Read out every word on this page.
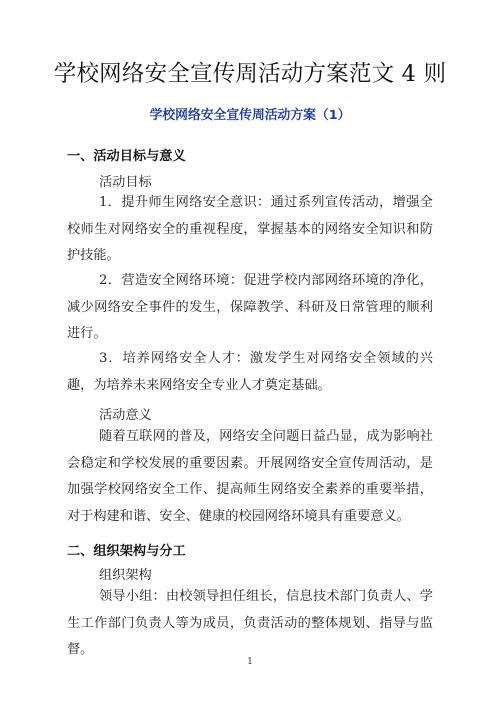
学校网络安全宣传周活动方案范文 4 则
学校网络安全宣传周活动方案（1）
一、活动目标与意义
活动目标
1．提升师生网络安全意识：通过系列宣传活动，增强全校师生对网络安全的重视程度，掌握基本的网络安全知识和防护技能。
2．营造安全网络环境：促进学校内部网络环境的净化，减少网络安全事件的发生，保障教学、科研及日常管理的顺利进行。
3．培养网络安全人才：激发学生对网络安全领域的兴趣，为培养未来网络安全专业人才奠定基础。
活动意义
随着互联网的普及，网络安全问题日益凸显，成为影响社会稳定和学校发展的重要因素。开展网络安全宣传周活动，是加强学校网络安全工作、提高师生网络安全素养的重要举措，对于构建和谐、安全、健康的校园网络环境具有重要意义。
二、组织架构与分工
组织架构
领导小组：由校领导担任组长，信息技术部门负责人、学生工作部门负责人等为成员，负责活动的整体规划、指导与监督。
1
